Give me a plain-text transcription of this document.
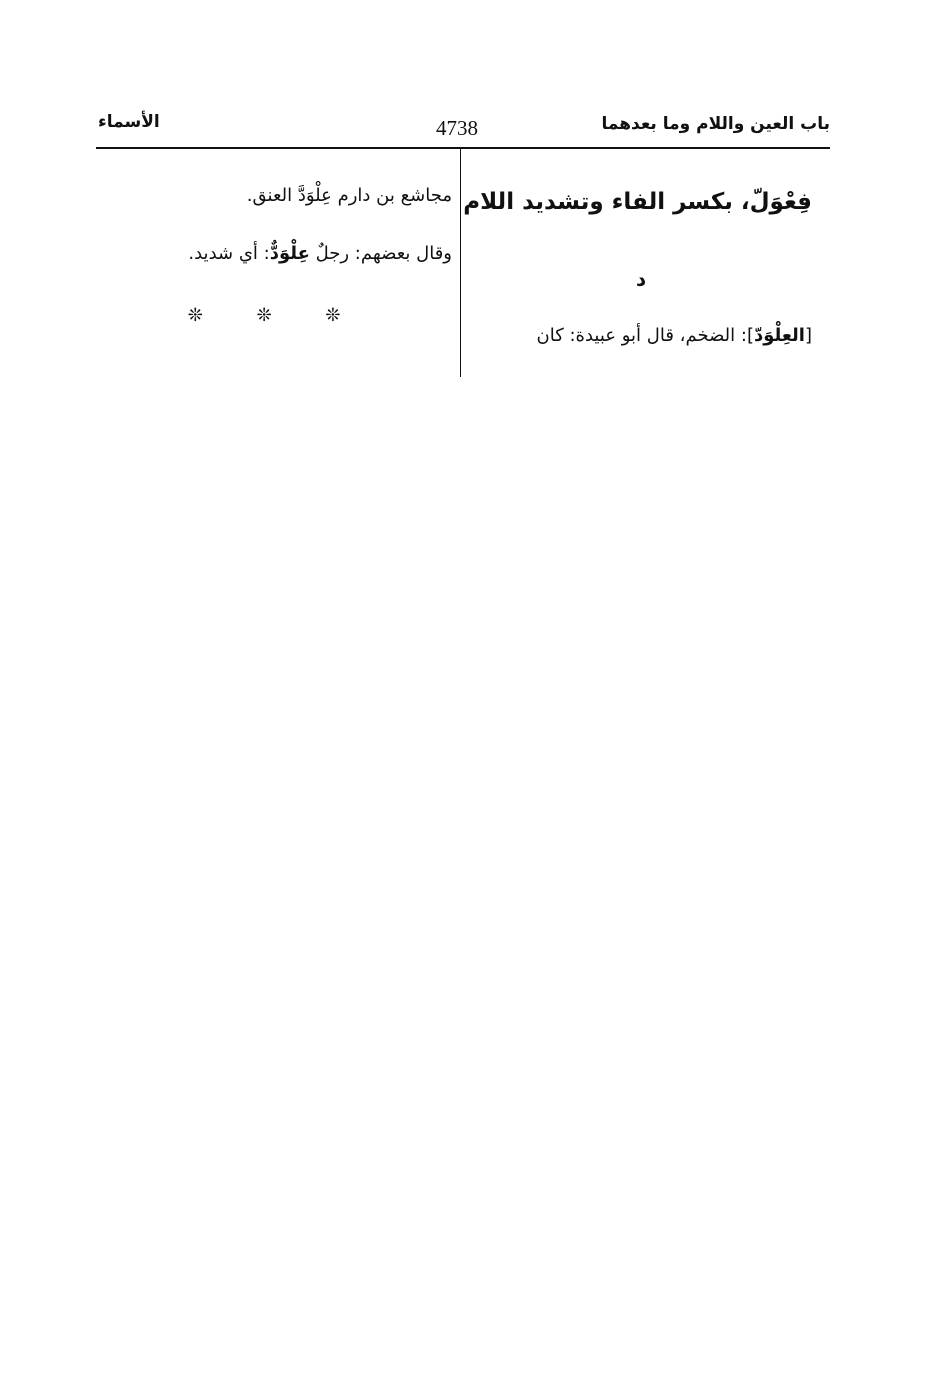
باب العين واللام وما بعدهما
4738
الأسماء
فِعْوَلّ، بكسر الفاء وتشديد اللام
د
[العِلْوَدّ]: الضخم، قال أبو عبيدة: كان
مجاشع بن دارم عِلْوَدَّ العنق.
وقال بعضهم: رجلٌ عِلْوَدٌّ: أي شديد.
❊ ❊ ❊
